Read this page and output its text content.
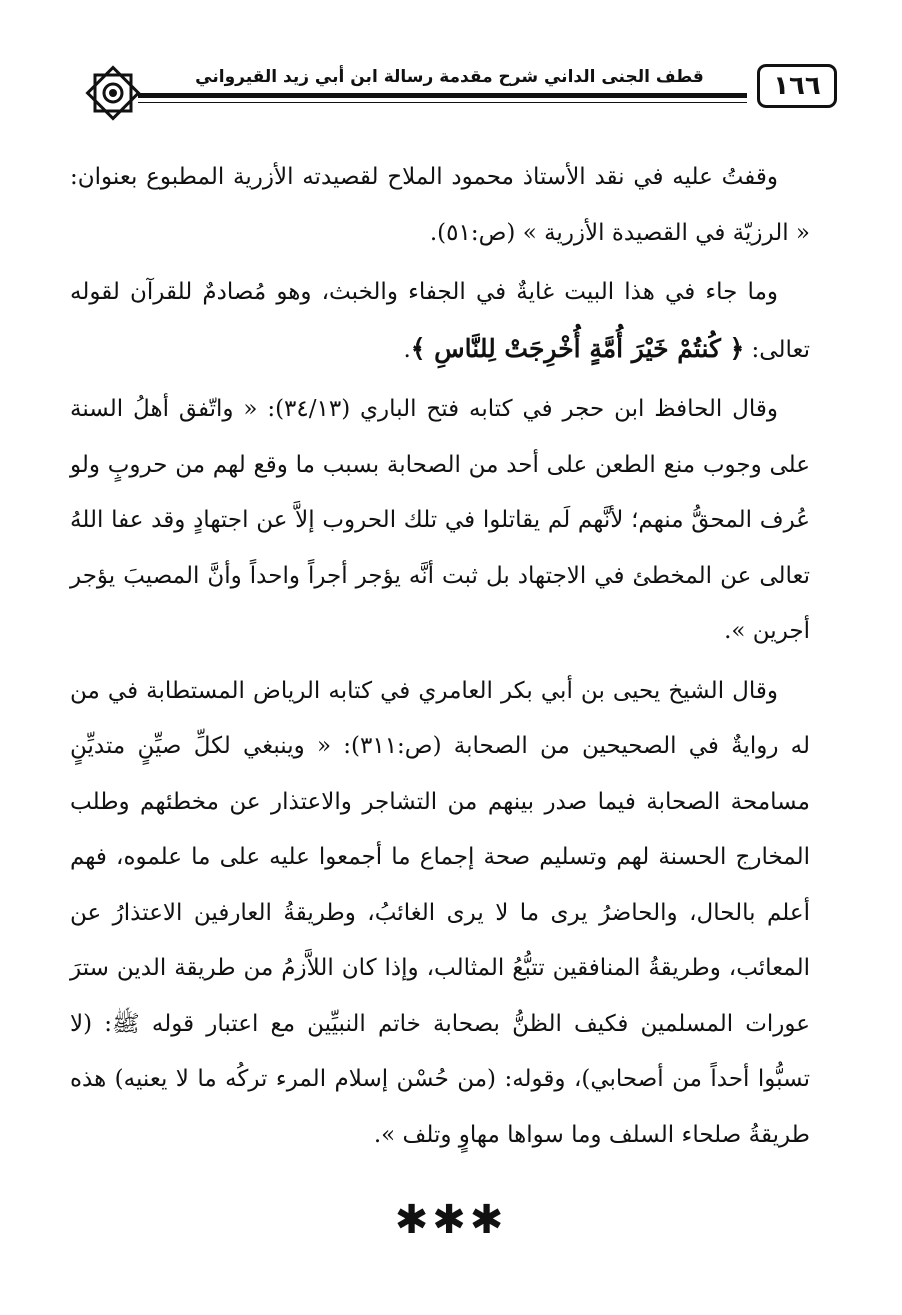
قطف الجنى الداني شرح مقدمة رسالة ابن أبي زيد القيرواني	١٦٦

وقفتُ عليه في نقد الأستاذ محمود الملاح لقصيدته الأزرية المطبوع بعنوان: « الرزيّة في القصيدة الأزرية » (ص:٥١).

وما جاء في هذا البيت غايةٌ في الجفاء والخبث، وهو مُصادمٌ للقرآن لقوله تعالى: ﴿ كُنتُمْ خَيْرَ أُمَّةٍ أُخْرِجَتْ لِلنَّاسِ ﴾.

وقال الحافظ ابن حجر في كتابه فتح الباري (٣٤/١٣): « واتّفق أهلُ السنة على وجوب منع الطعن على أحد من الصحابة بسبب ما وقع لهم من حروبٍ ولو عُرف المحقُّ منهم؛ لأنَّهم لَم يقاتلوا في تلك الحروب إلاَّ عن اجتهادٍ وقد عفا اللهُ تعالى عن المخطئ في الاجتهاد بل ثبت أنَّه يؤجر أجراً واحداً وأنَّ المصيبَ يؤجر أجرين ».

وقال الشيخ يحيى بن أبي بكر العامري في كتابه الرياض المستطابة في من له روايةٌ في الصحيحين من الصحابة (ص:٣١١): « وينبغي لكلِّ صيِّنٍ متديِّنٍ مسامحة الصحابة فيما صدر بينهم من التشاجر والاعتذار عن مخطئهم وطلب المخارج الحسنة لهم وتسليم صحة إجماع ما أجمعوا عليه على ما علموه، فهم أعلم بالحال، والحاضرُ يرى ما لا يرى الغائبُ، وطريقةُ العارفين الاعتذارُ عن المعائب، وطريقةُ المنافقين تتبُّعُ المثالب، وإذا كان اللاَّزمُ من طريقة الدين سترَ عورات المسلمين فكيف الظنُّ بصحابة خاتم النبيِّين مع اعتبار قوله ﷺ: (لا تسبُّوا أحداً من أصحابي)، وقوله: (من حُسْن إسلام المرء تركُه ما لا يعنيه) هذه طريقةُ صلحاء السلف وما سواها مهاوٍ وتلف ».

✱✱✱
